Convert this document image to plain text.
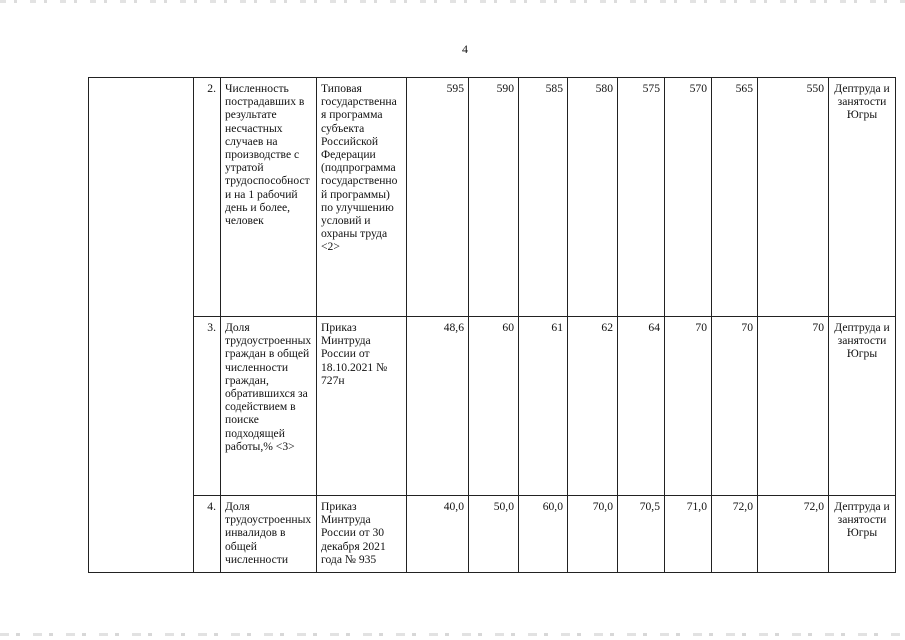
4
	2.	Численность пострадавших в результате несчастных случаев на производстве с утратой трудоспособности на 1 рабочий день и более, человек	Типовая государственная программа субъекта Российской Федерации (подпрограмма государственной программы) по улучшению условий и охраны труда <2>	595	590	585	580	575	570	565	550	Дептруда и занятости Югры
	3.	Доля трудоустроенных граждан в общей численности граждан, обратившихся за содействием в поиске подходящей работы,% <3>	Приказ Минтруда России от 18.10.2021 № 727н	48,6	60	61	62	64	70	70	70	Дептруда и занятости Югры
	4.	Доля трудоустроенных инвалидов в общей численности	Приказ Минтруда России от 30 декабря 2021 года № 935	40,0	50,0	60,0	70,0	70,5	71,0	72,0	72,0	Дептруда и занятости Югры
